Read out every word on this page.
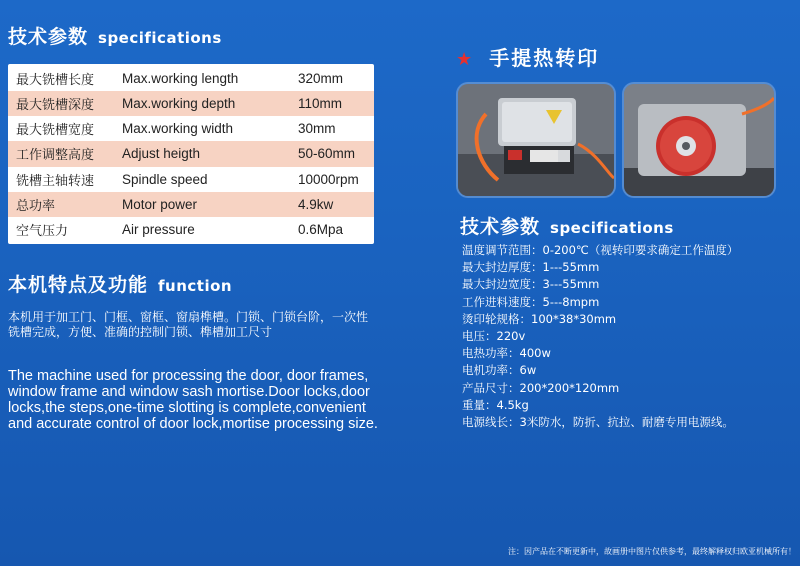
技术参数 specifications
最大铣槽长度	Max.working length	320mm
最大铣槽深度	Max.working depth	110mm
最大铣槽宽度	Max.working width	30mm
工作调整高度	Adjust heigth	50-60mm
铣槽主轴转速	Spindle speed	10000rpm
总功率	Motor power	4.9kw
空气压力	Air pressure	0.6Mpa
本机特点及功能 function
本机用于加工门、门框、窗框、窗扇榫槽。门锁、门锁台阶，一次性铣槽完成，方便、准确的控制门锁、榫槽加工尺寸
The machine used for processing the door, door frames, window frame and window sash mortise.Door locks,door locks,the steps,one-time slotting is complete,convenient and accurate control of door lock,mortise processing size.
★ 手提热转印
技术参数 specifications
温度调节范围：0-200℃（视转印要求确定工作温度）
最大封边厚度：1---55mm
最大封边宽度：3---55mm
工作进料速度：5---8mpm
烫印轮规格：100*38*30mm
电压：220v
电热功率：400w
电机功率：6w
产品尺寸：200*200*120mm
重量：4.5kg
电源线长：3米防水，防折、抗拉、耐磨专用电源线。
注：因产品在不断更新中，故画册中图片仅供参考，最终解释权归欧亚机械所有！
